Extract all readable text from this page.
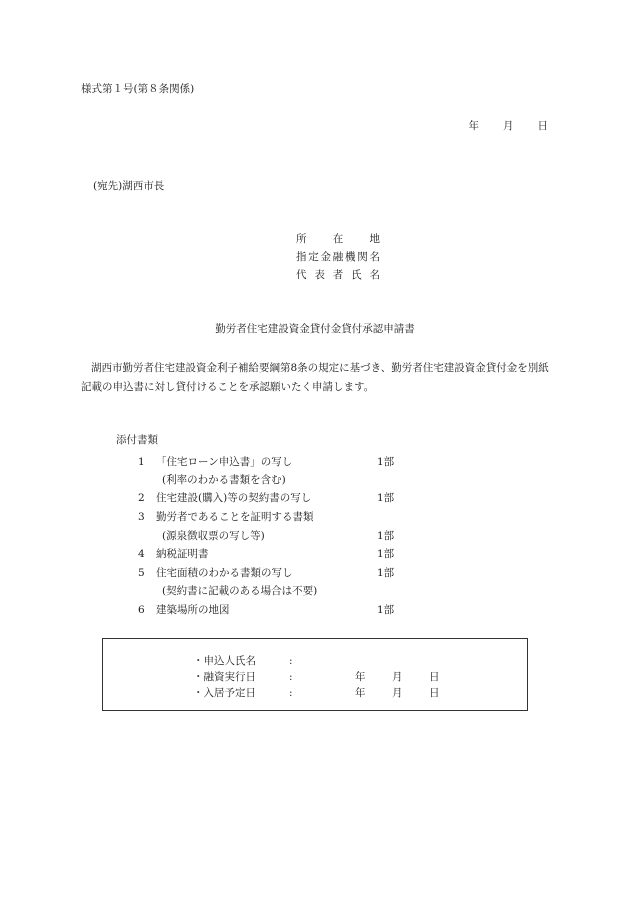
様式第１号(第８条関係)
年 月 日
(宛先)湖西市長
所　在　地
指定金融機関名
代 表 者 氏 名
勤労者住宅建設資金貸付金貸付承認申請書
湖西市勤労者住宅建設資金利子補給要綱第8条の規定に基づき、勤労者住宅建設資金貸付金を別紙記載の申込書に対し貸付けることを承認願いたく申請します。
添付書類
1 「住宅ローン申込書」の写し	1部
(利率のわかる書類を含む)
2 住宅建設(購入)等の契約書の写し	1部
3 勤労者であることを証明する書類
(源泉徴収票の写し等)	1部
4 納税証明書	1部
5 住宅面積のわかる書類の写し	1部
(契約書に記載のある場合は不要)
6 建築場所の地図	1部
・申込人氏名	:
・融資実行日	:	年	月	日
・入居予定日	:	年	月	日
